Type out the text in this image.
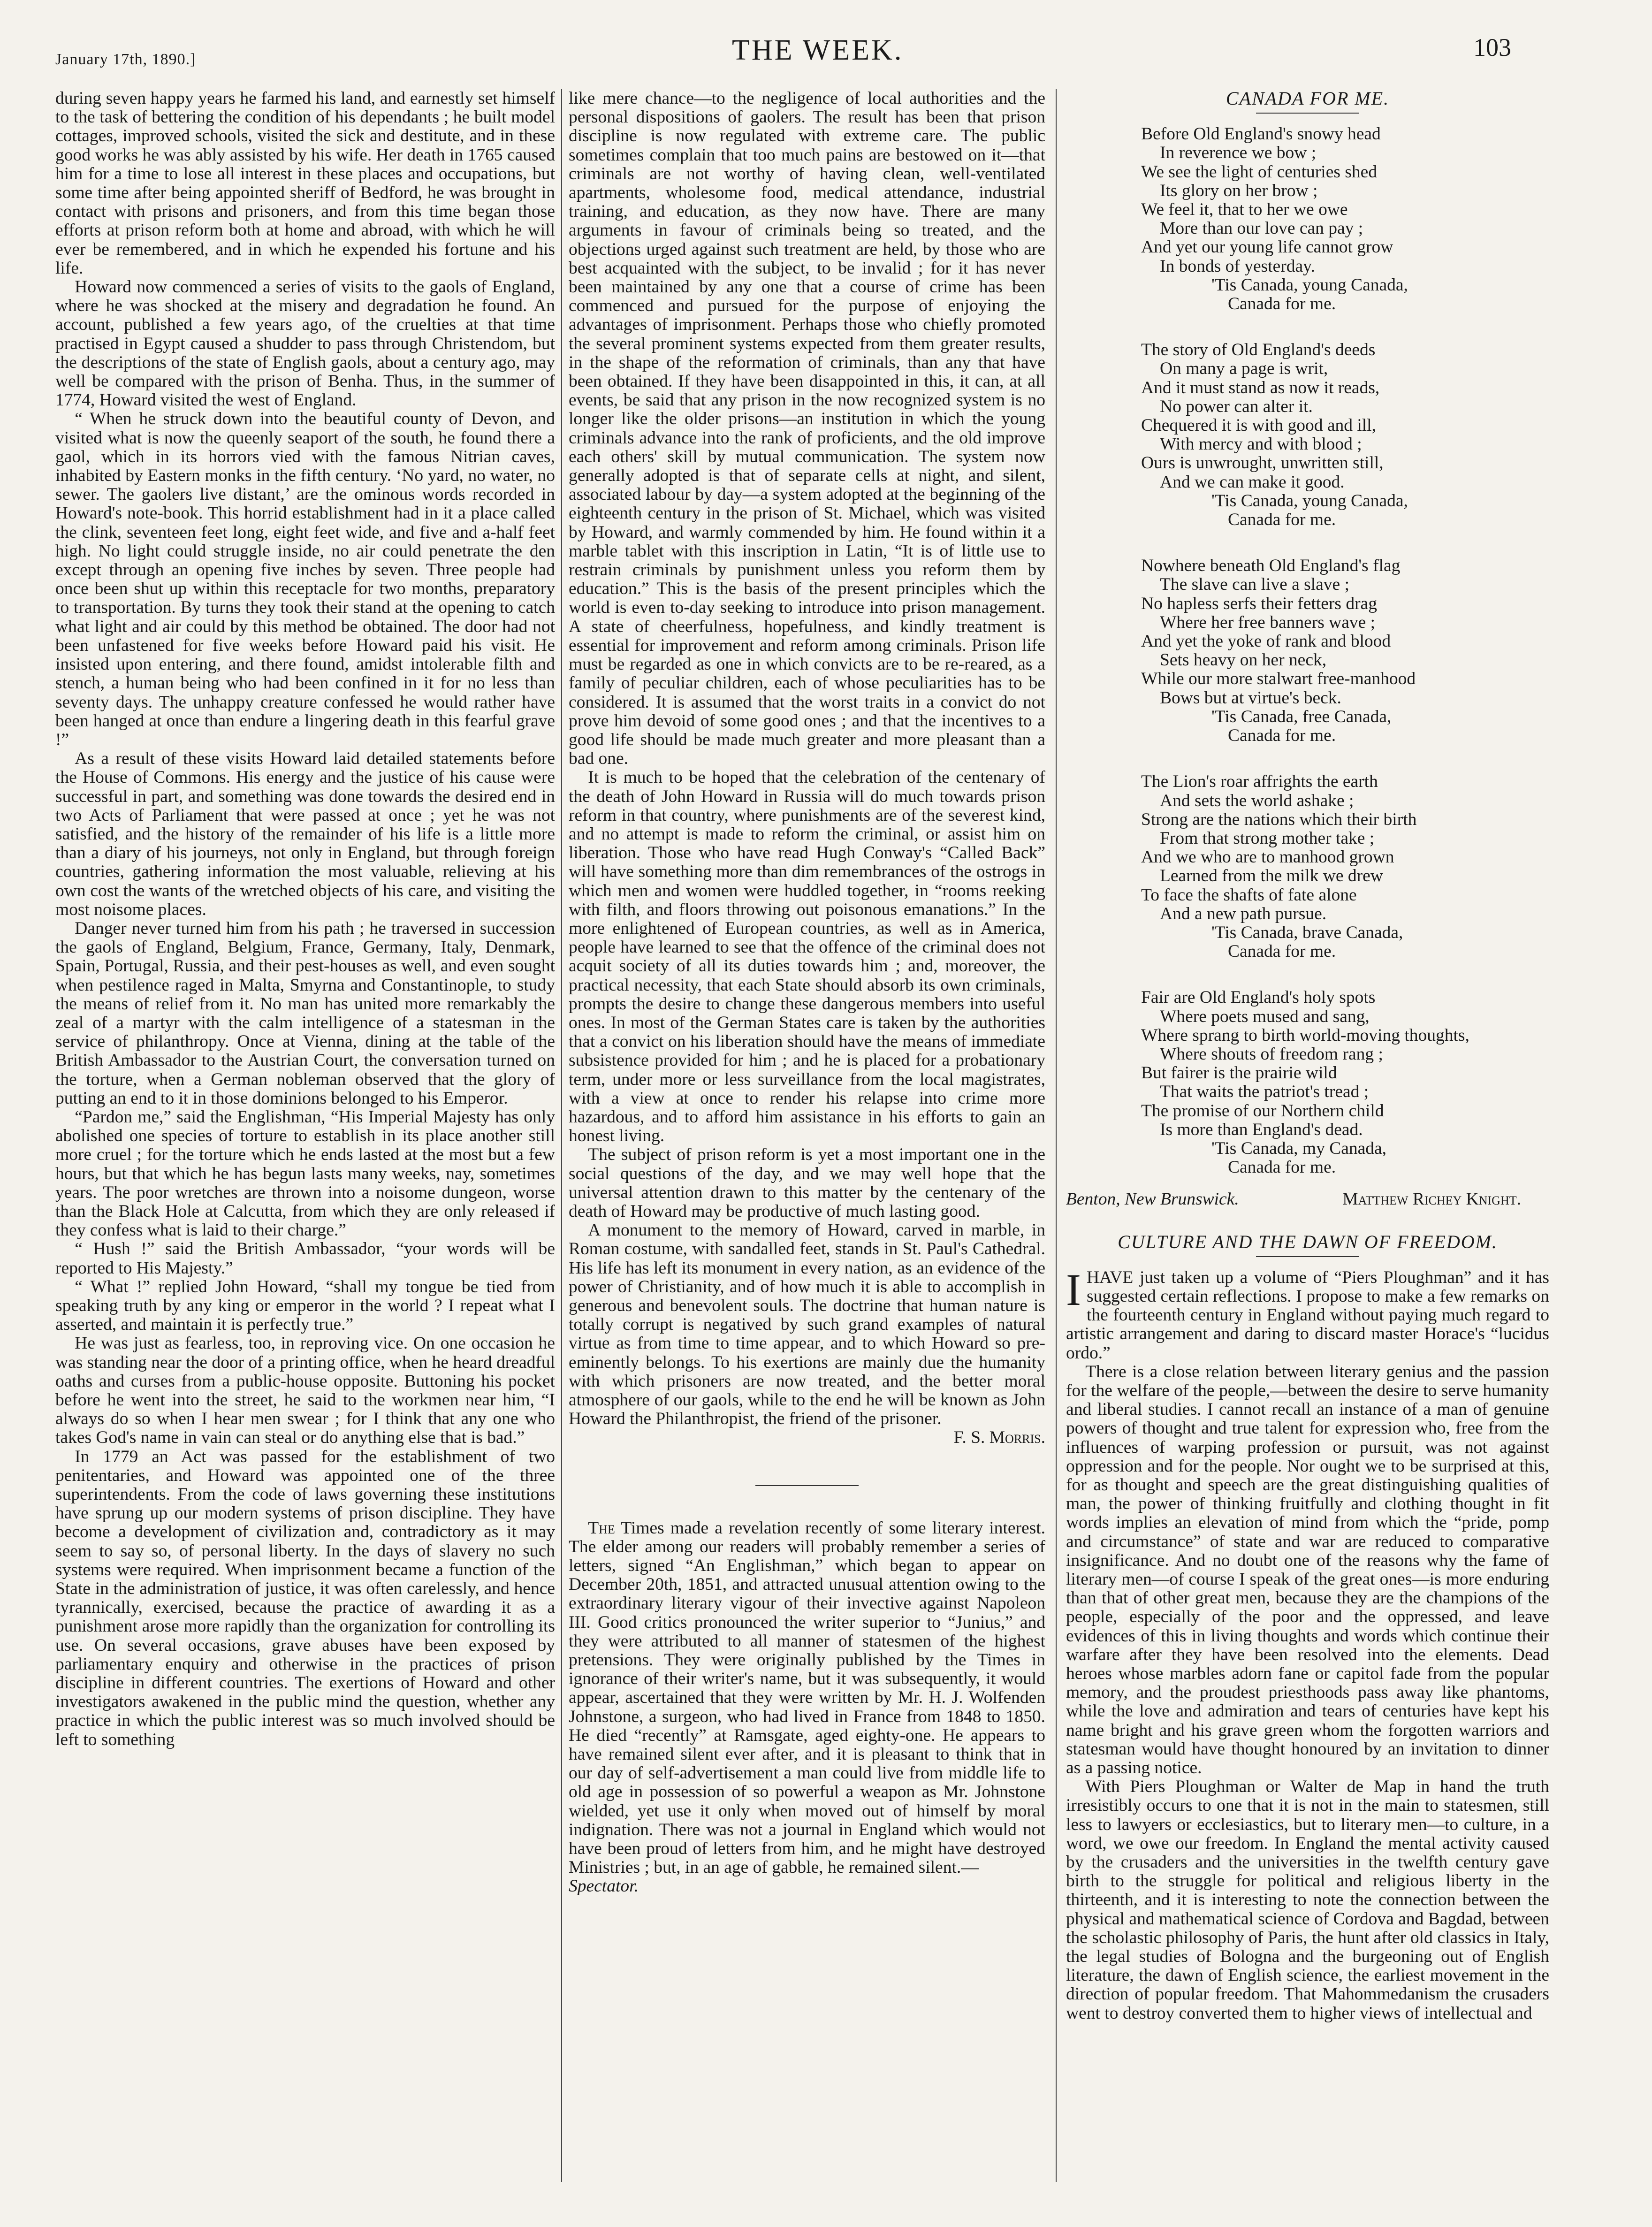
January 17th, 1890.]	THE WEEK.	103

during seven happy years he farmed his land, and earnestly set himself to the task of bettering the condition of his dependants ; he built model cottages, improved schools, visited the sick and destitute, and in these good works he was ably assisted by his wife. Her death in 1765 caused him for a time to lose all interest in these places and occupations, but some time after being appointed sheriff of Bedford, he was brought in contact with prisons and prisoners, and from this time began those efforts at prison reform both at home and abroad, with which he will ever be remembered, and in which he expended his fortune and his life.

Howard now commenced a series of visits to the gaols of England, where he was shocked at the misery and degradation he found. An account, published a few years ago, of the cruelties at that time practised in Egypt caused a shudder to pass through Christendom, but the descriptions of the state of English gaols, about a century ago, may well be compared with the prison of Benha. Thus, in the summer of 1774, Howard visited the west of England.

“ When he struck down into the beautiful county of Devon, and visited what is now the queenly seaport of the south, he found there a gaol, which in its horrors vied with the famous Nitrian caves, inhabited by Eastern monks in the fifth century. ‘No yard, no water, no sewer. The gaolers live distant,’ are the ominous words recorded in Howard's note-book. This horrid establishment had in it a place called the clink, seventeen feet long, eight feet wide, and five and a-half feet high. No light could struggle inside, no air could penetrate the den except through an opening five inches by seven. Three people had once been shut up within this receptacle for two months, preparatory to transportation. By turns they took their stand at the opening to catch what light and air could by this method be obtained. The door had not been unfastened for five weeks before Howard paid his visit. He insisted upon entering, and there found, amidst intolerable filth and stench, a human being who had been confined in it for no less than seventy days. The unhappy creature confessed he would rather have been hanged at once than endure a lingering death in this fearful grave !”

As a result of these visits Howard laid detailed statements before the House of Commons. His energy and the justice of his cause were successful in part, and something was done towards the desired end in two Acts of Parliament that were passed at once ; yet he was not satisfied, and the history of the remainder of his life is a little more than a diary of his journeys, not only in England, but through foreign countries, gathering information the most valuable, relieving at his own cost the wants of the wretched objects of his care, and visiting the most noisome places.

Danger never turned him from his path ; he traversed in succession the gaols of England, Belgium, France, Germany, Italy, Denmark, Spain, Portugal, Russia, and their pest-houses as well, and even sought when pestilence raged in Malta, Smyrna and Constantinople, to study the means of relief from it. No man has united more remarkably the zeal of a martyr with the calm intelligence of a statesman in the service of philanthropy. Once at Vienna, dining at the table of the British Ambassador to the Austrian Court, the conversation turned on the torture, when a German nobleman observed that the glory of putting an end to it in those dominions belonged to his Emperor.

“Pardon me,” said the Englishman, “His Imperial Majesty has only abolished one species of torture to establish in its place another still more cruel ; for the torture which he ends lasted at the most but a few hours, but that which he has begun lasts many weeks, nay, sometimes years. The poor wretches are thrown into a noisome dungeon, worse than the Black Hole at Calcutta, from which they are only released if they confess what is laid to their charge.”

“ Hush !” said the British Ambassador, “your words will be reported to His Majesty.”

“ What !” replied John Howard, “shall my tongue be tied from speaking truth by any king or emperor in the world ? I repeat what I asserted, and maintain it is perfectly true.”

He was just as fearless, too, in reproving vice. On one occasion he was standing near the door of a printing office, when he heard dreadful oaths and curses from a public-house opposite. Buttoning his pocket before he went into the street, he said to the workmen near him, “I always do so when I hear men swear ; for I think that any one who takes God's name in vain can steal or do anything else that is bad.”

In 1779 an Act was passed for the establishment of two penitentaries, and Howard was appointed one of the three superintendents. From the code of laws governing these institutions have sprung up our modern systems of prison discipline. They have become a development of civilization and, contradictory as it may seem to say so, of personal liberty. In the days of slavery no such systems were required. When imprisonment became a function of the State in the administration of justice, it was often carelessly, and hence tyrannically, exercised, because the practice of awarding it as a punishment arose more rapidly than the organization for controlling its use. On several occasions, grave abuses have been exposed by parliamentary enquiry and otherwise in the practices of prison discipline in different countries. The exertions of Howard and other investigators awakened in the public mind the question, whether any practice in which the public interest was so much involved should be left to something

like mere chance—to the negligence of local authorities and the personal dispositions of gaolers. The result has been that prison discipline is now regulated with extreme care. The public sometimes complain that too much pains are bestowed on it—that criminals are not worthy of having clean, well-ventilated apartments, wholesome food, medical attendance, industrial training, and education, as they now have. There are many arguments in favour of criminals being so treated, and the objections urged against such treatment are held, by those who are best acquainted with the subject, to be invalid ; for it has never been maintained by any one that a course of crime has been commenced and pursued for the purpose of enjoying the advantages of imprisonment. Perhaps those who chiefly promoted the several prominent systems expected from them greater results, in the shape of the reformation of criminals, than any that have been obtained. If they have been disappointed in this, it can, at all events, be said that any prison in the now recognized system is no longer like the older prisons—an institution in which the young criminals advance into the rank of proficients, and the old improve each others' skill by mutual communication. The system now generally adopted is that of separate cells at night, and silent, associated labour by day—a system adopted at the beginning of the eighteenth century in the prison of St. Michael, which was visited by Howard, and warmly commended by him. He found within it a marble tablet with this inscription in Latin, “It is of little use to restrain criminals by punishment unless you reform them by education.” This is the basis of the present principles which the world is even to-day seeking to introduce into prison management. A state of cheerfulness, hopefulness, and kindly treatment is essential for improvement and reform among criminals. Prison life must be regarded as one in which convicts are to be re-reared, as a family of peculiar children, each of whose peculiarities has to be considered. It is assumed that the worst traits in a convict do not prove him devoid of some good ones ; and that the incentives to a good life should be made much greater and more pleasant than a bad one.

It is much to be hoped that the celebration of the centenary of the death of John Howard in Russia will do much towards prison reform in that country, where punishments are of the severest kind, and no attempt is made to reform the criminal, or assist him on liberation. Those who have read Hugh Conway's “Called Back” will have something more than dim remembrances of the ostrogs in which men and women were huddled together, in “rooms reeking with filth, and floors throwing out poisonous emanations.” In the more enlightened of European countries, as well as in America, people have learned to see that the offence of the criminal does not acquit society of all its duties towards him ; and, moreover, the practical necessity, that each State should absorb its own criminals, prompts the desire to change these dangerous members into useful ones. In most of the German States care is taken by the authorities that a convict on his liberation should have the means of immediate subsistence provided for him ; and he is placed for a probationary term, under more or less surveillance from the local magistrates, with a view at once to render his relapse into crime more hazardous, and to afford him assistance in his efforts to gain an honest living.

The subject of prison reform is yet a most important one in the social questions of the day, and we may well hope that the universal attention drawn to this matter by the centenary of the death of Howard may be productive of much lasting good.

A monument to the memory of Howard, carved in marble, in Roman costume, with sandalled feet, stands in St. Paul's Cathedral. His life has left its monument in every nation, as an evidence of the power of Christianity, and of how much it is able to accomplish in generous and benevolent souls. The doctrine that human nature is totally corrupt is negatived by such grand examples of natural virtue as from time to time appear, and to which Howard so pre-eminently belongs. To his exertions are mainly due the humanity with which prisoners are now treated, and the better moral atmosphere of our gaols, while to the end he will be known as John Howard the Philanthropist, the friend of the prisoner.

F. S. Morris.

The Times made a revelation recently of some literary interest. The elder among our readers will probably remember a series of letters, signed “An Englishman,” which began to appear on December 20th, 1851, and attracted unusual attention owing to the extraordinary literary vigour of their invective against Napoleon III. Good critics pronounced the writer superior to “Junius,” and they were attributed to all manner of statesmen of the highest pretensions. They were originally published by the Times in ignorance of their writer's name, but it was subsequently, it would appear, ascertained that they were written by Mr. H. J. Wolfenden Johnstone, a surgeon, who had lived in France from 1848 to 1850. He died “recently” at Ramsgate, aged eighty-one. He appears to have remained silent ever after, and it is pleasant to think that in our day of self-advertisement a man could live from middle life to old age in possession of so powerful a weapon as Mr. Johnstone wielded, yet use it only when moved out of himself by moral indignation. There was not a journal in England which would not have been proud of letters from him, and he might have destroyed Ministries ; but, in an age of gabble, he remained silent.—
Spectator.

CANADA FOR ME.
Before Old England's snowy head
In reverence we bow ;
We see the light of centuries shed
Its glory on her brow ;
We feel it, that to her we owe
More than our love can pay ;
And yet our young life cannot grow
In bonds of yesterday.
'Tis Canada, young Canada,
Canada for me.
The story of Old England's deeds
On many a page is writ,
And it must stand as now it reads,
No power can alter it.
Chequered it is with good and ill,
With mercy and with blood ;
Ours is unwrought, unwritten still,
And we can make it good.
'Tis Canada, young Canada,
Canada for me.
Nowhere beneath Old England's flag
The slave can live a slave ;
No hapless serfs their fetters drag
Where her free banners wave ;
And yet the yoke of rank and blood
Sets heavy on her neck,
While our more stalwart free-manhood
Bows but at virtue's beck.
'Tis Canada, free Canada,
Canada for me.
The Lion's roar affrights the earth
And sets the world ashake ;
Strong are the nations which their birth
From that strong mother take ;
And we who are to manhood grown
Learned from the milk we drew
To face the shafts of fate alone
And a new path pursue.
'Tis Canada, brave Canada,
Canada for me.
Fair are Old England's holy spots
Where poets mused and sang,
Where sprang to birth world-moving thoughts,
Where shouts of freedom rang ;
But fairer is the prairie wild
That waits the patriot's tread ;
The promise of our Northern child
Is more than England's dead.
'Tis Canada, my Canada,
Canada for me.
Benton, New Brunswick.	Matthew Richey Knight.
CULTURE AND THE DAWN OF FREEDOM.

IHAVE just taken up a volume of “Piers Ploughman” and it has suggested certain reflections. I propose to make a few remarks on the fourteenth century in England without paying much regard to artistic arrangement and daring to discard master Horace's “lucidus ordo.”

There is a close relation between literary genius and the passion for the welfare of the people,—between the desire to serve humanity and liberal studies. I cannot recall an instance of a man of genuine powers of thought and true talent for expression who, free from the influences of warping profession or pursuit, was not against oppression and for the people. Nor ought we to be surprised at this, for as thought and speech are the great distinguishing qualities of man, the power of thinking fruitfully and clothing thought in fit words implies an elevation of mind from which the “pride, pomp and circumstance” of state and war are reduced to comparative insignificance. And no doubt one of the reasons why the fame of literary men—of course I speak of the great ones—is more enduring than that of other great men, because they are the champions of the people, especially of the poor and the oppressed, and leave evidences of this in living thoughts and words which continue their warfare after they have been resolved into the elements. Dead heroes whose marbles adorn fane or capitol fade from the popular memory, and the proudest priesthoods pass away like phantoms, while the love and admiration and tears of centuries have kept his name bright and his grave green whom the forgotten warriors and statesman would have thought honoured by an invitation to dinner as a passing notice.

With Piers Ploughman or Walter de Map in hand the truth irresistibly occurs to one that it is not in the main to statesmen, still less to lawyers or ecclesiastics, but to literary men—to culture, in a word, we owe our freedom. In England the mental activity caused by the crusaders and the universities in the twelfth century gave birth to the struggle for political and religious liberty in the thirteenth, and it is interesting to note the connection between the physical and mathematical science of Cordova and Bagdad, between the scholastic philosophy of Paris, the hunt after old classics in Italy, the legal studies of Bologna and the burgeoning out of English literature, the dawn of English science, the earliest movement in the direction of popular freedom. That Mahommedanism the crusaders went to destroy converted them to higher views of intellectual and
